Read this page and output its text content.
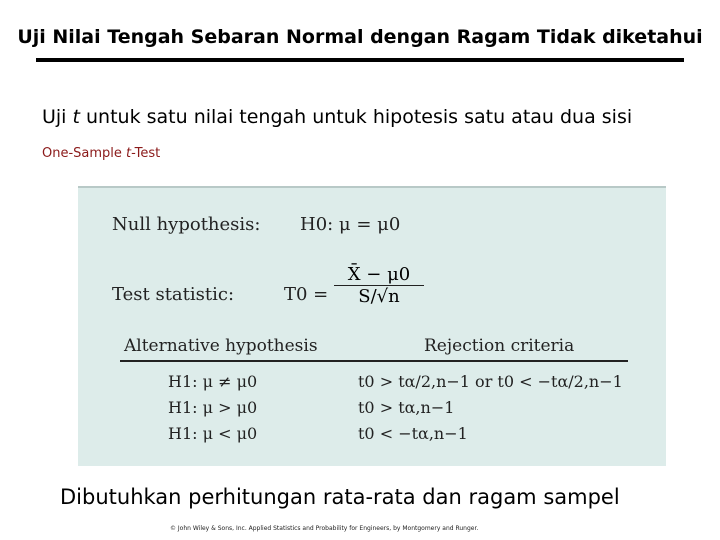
Uji Nilai Tengah Sebaran Normal dengan Ragam Tidak diketahui
Uji t untuk satu nilai tengah untuk hipotesis satu atau dua sisi
One-Sample t-Test
Null hypothesis: H0: μ = μ0
Test statistic:	$T0 = \frac{X̄ - \mu 0}{S/√n}$
Alternative hypothesis	Rejection criteria
H1: μ ≠ μ0	t0 > tα/2,n−1 or t0 < −tα/2,n−1
H1: μ > μ0	t0 > tα,n−1
H1: μ < μ0	t0 < −tα,n−1
Dibutuhkan perhitungan rata-rata dan ragam sampel
© John Wiley & Sons, Inc. Applied Statistics and Probability for Engineers, by Montgomery and Runger.
